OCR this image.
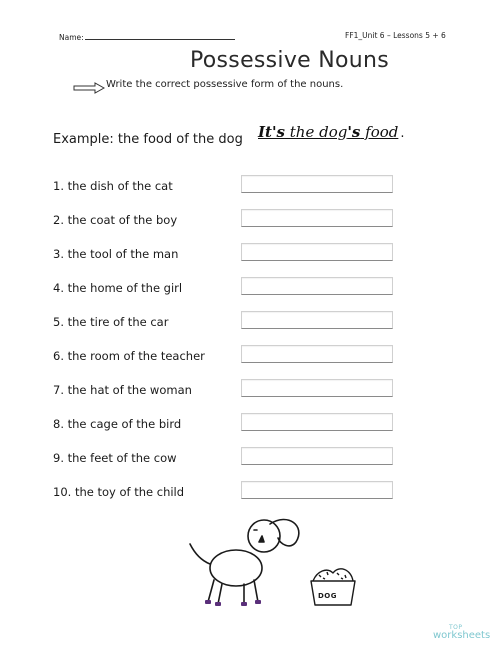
Name:	FF1_Unit 6 – Lessons 5 + 6
Possessive Nouns
Write the correct possessive form of the nouns.
Example: the food of the dog It's the dog's food .
1. the dish of the cat
2. the coat of the boy
3. the tool of the man
4. the home of the girl
5. the tire of the car
6. the room of the teacher
7. the hat of the woman
8. the cage of the bird
9. the feet of the cow
10. the toy of the child
DOG
TOP
worksheets
